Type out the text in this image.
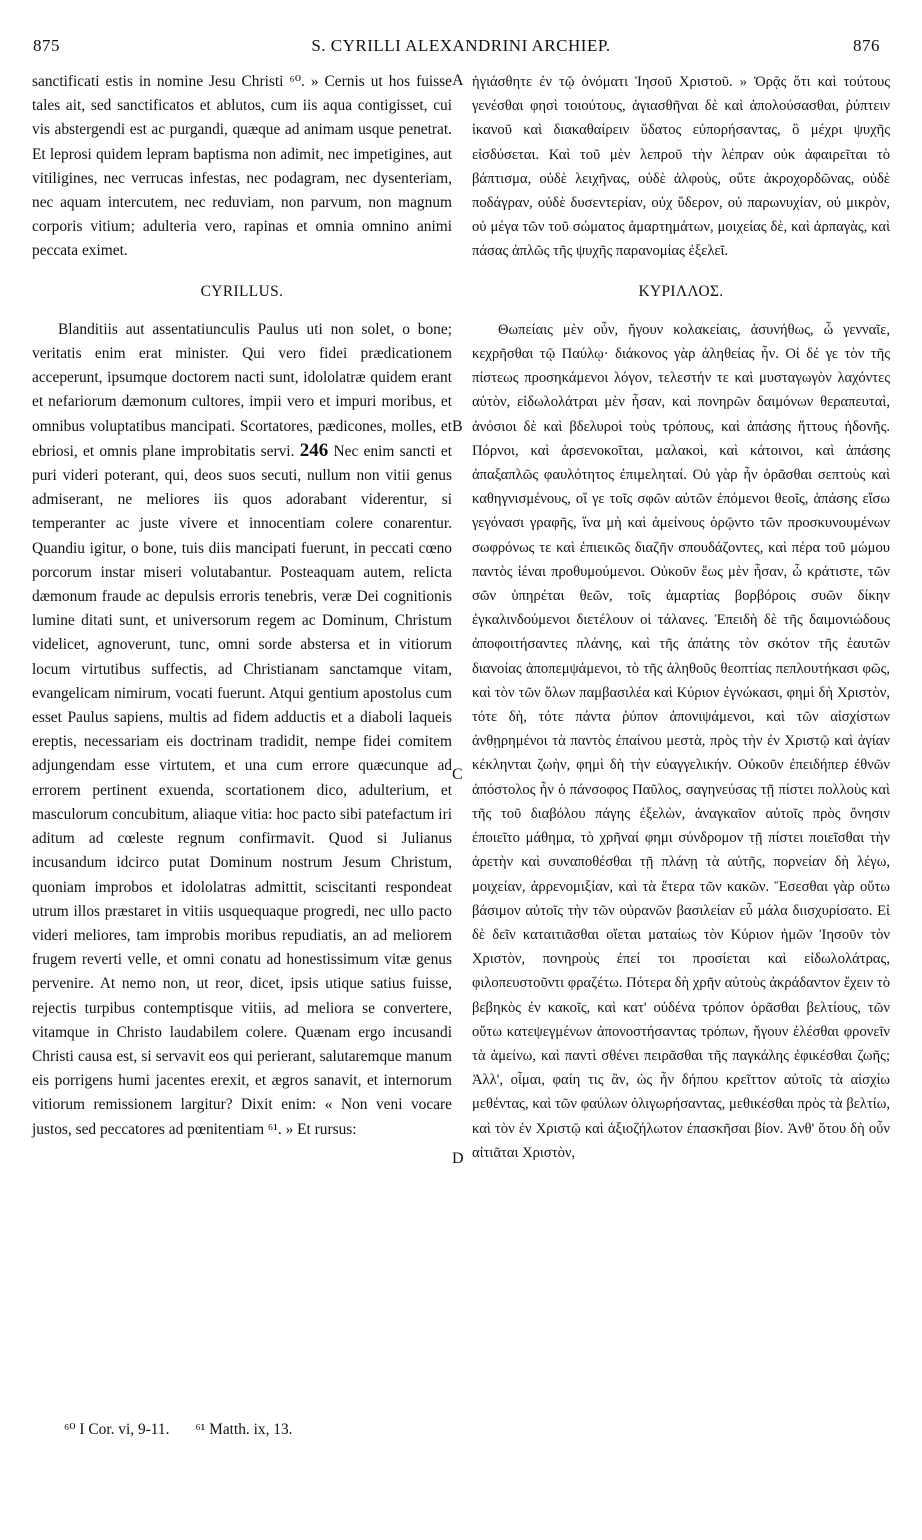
875	S. CYRILLI ALEXANDRINI ARCHIEP.	876

sanctificati estis in nomine Jesu Christi ⁶⁰. » Cernis ut hos fuisse tales ait, sed sanctificatos et ablutos, cum iis aqua contigisset, cui vis abstergendi est ac purgandi, quæque ad animam usque penetrat. Et leprosi quidem lepram baptisma non adimit, nec impetigines, aut vitiligines, nec verrucas infestas, nec podagram, nec dysenteriam, nec aquam intercutem, nec reduviam, non parvum, non magnum corporis vitium; adulteria vero, rapinas et omnia omnino animi peccata eximet.

CYRILLUS.

Blanditiis aut assentatiunculis Paulus uti non solet, o bone; veritatis enim erat minister. Qui vero fidei prædicationem acceperunt, ipsumque doctorem nacti sunt, idololatræ quidem erant et nefariorum dæmonum cultores, impii vero et impuri moribus, et omnibus voluptatibus mancipati. Scortatores, pædicones, molles, et ebriosi, et omnis plane improbitatis servi. 246 Nec enim sancti et puri videri poterant, qui, deos suos secuti, nullum non vitii genus admiserant, ne meliores iis quos adorabant viderentur, si temperanter ac juste vivere et innocentiam colere conarentur. Quandiu igitur, o bone, tuis diis mancipati fuerunt, in peccati cœno porcorum instar miseri volutabantur. Posteaquam autem, relicta dæmonum fraude ac depulsis erroris tenebris, veræ Dei cognitionis lumine ditati sunt, et universorum regem ac Dominum, Christum videlicet, agnoverunt, tunc, omni sorde abstersa et in vitiorum locum virtutibus suffectis, ad Christianam sanctamque vitam, evangelicam nimirum, vocati fuerunt. Atqui gentium apostolus cum esset Paulus sapiens, multis ad fidem adductis et a diaboli laqueis ereptis, necessariam eis doctrinam tradidit, nempe fidei comitem adjungendam esse virtutem, et una cum errore quæcunque ad errorem pertinent exuenda, scortationem dico, adulterium, et masculorum concubitum, aliaque vitia: hoc pacto sibi patefactum iri aditum ad cœleste regnum confirmavit. Quod si Julianus incusandum idcirco putat Dominum nostrum Jesum Christum, quoniam improbos et idololatras admittit, sciscitanti respondeat utrum illos præstaret in vitiis usquequaque progredi, nec ullo pacto videri meliores, tam improbis moribus repudiatis, an ad meliorem frugem reverti velle, et omni conatu ad honestissimum vitæ genus pervenire. At nemo non, ut reor, dicet, ipsis utique satius fuisse, rejectis turpibus contemptisque vitiis, ad meliora se convertere, vitamque in Christo laudabilem colere. Quænam ergo incusandi Christi causa est, si servavit eos qui perierant, salutaremque manum eis porrigens humi jacentes erexit, et ægros sanavit, et internorum vitiorum remissionem largitur? Dixit enim: « Non veni vocare justos, sed peccatores ad pœnitentiam ⁶¹. » Et rursus:

A
B
C
D

ἡγιάσθητε ἐν τῷ ὀνόματι Ἰησοῦ Χριστοῦ. » Ὁρᾷς ὅτι καὶ τούτους γενέσθαι φησὶ τοιούτους, ἁγιασθῆναι δὲ καὶ ἀπολούσασθαι, ῥύπτειν ἱκανοῦ καὶ διακαθαίρειν ὕδατος εὐπορήσαντας, ὃ μέχρι ψυχῆς εἰσδύσεται. Καὶ τοῦ μὲν λεπροῦ τὴν λέπραν οὐκ ἀφαιρεῖται τὸ βάπτισμα, οὐδὲ λειχῆνας, οὐδὲ ἀλφοὺς, οὔτε ἀκροχορδῶνας, οὐδὲ ποδάγραν, οὐδὲ δυσεντερίαν, οὐχ ὕδερον, οὐ παρωνυχίαν, οὐ μικρὸν, οὐ μέγα τῶν τοῦ σώματος ἁμαρτημάτων, μοιχείας δὲ, καὶ ἁρπαγὰς, καὶ πάσας ἁπλῶς τῆς ψυχῆς παρανομίας ἐξελεῖ.

ΚΥΡΙΛΛΟΣ.

Θωπείαις μὲν οὖν, ἤγουν κολακείαις, ἀσυνήθως, ὦ γενναῖε, κεχρῆσθαι τῷ Παύλῳ· διάκονος γὰρ ἀληθείας ἦν. Οἱ δέ γε τὸν τῆς πίστεως προσηκάμενοι λόγον, τελεστήν τε καὶ μυσταγωγὸν λαχόντες αὐτὸν, εἰδωλολάτραι μὲν ἦσαν, καὶ πονηρῶν δαιμόνων θεραπευταὶ, ἀνόσιοι δὲ καὶ βδελυροὶ τοὺς τρόπους, καὶ ἁπάσης ἥττους ἡδονῆς. Πόρνοι, καὶ ἀρσενοκοῖται, μαλακοὶ, καὶ κάτοινοι, καὶ ἁπάσης ἀπαξαπλῶς φαυλότητος ἐπιμεληταί. Οὐ γὰρ ἦν ὁρᾶσθαι σεπτοὺς καὶ καθηγνισμένους, οἵ γε τοῖς σφῶν αὐτῶν ἑπόμενοι θεοῖς, ἁπάσης εἴσω γεγόνασι γραφῆς, ἵνα μὴ καὶ ἀμείνους ὁρῷντο τῶν προσκυνουμένων σωφρόνως τε καὶ ἐπιεικῶς διαζῆν σπουδάζοντες, καὶ πέρα τοῦ μώμου παντὸς ἰέναι προθυμούμενοι. Οὐκοῦν ἕως μὲν ἦσαν, ὦ κράτιστε, τῶν σῶν ὑπηρέται θεῶν, τοῖς ἁμαρτίας βορβόροις συῶν δίκην ἐγκαλινδούμενοι διετέλουν οἱ τάλανες. Ἐπειδὴ δὲ τῆς δαιμονιώδους ἀποφοιτήσαντες πλάνης, καὶ τῆς ἀπάτης τὸν σκότον τῆς ἑαυτῶν διανοίας ἀποπεμψάμενοι, τὸ τῆς ἀληθοῦς θεοπτίας πεπλουτήκασι φῶς, καὶ τὸν τῶν ὅλων παμβασιλέα καὶ Κύριον ἐγνώκασι, φημὶ δὴ Χριστὸν, τότε δὴ, τότε πάντα ῥύπον ἀπονιψάμενοι, καὶ τῶν αἰσχίστων ἀνθῃρημένοι τὰ παντὸς ἐπαίνου μεστὰ, πρὸς τὴν ἐν Χριστῷ καὶ ἁγίαν κέκληνται ζωὴν, φημὶ δὴ τὴν εὐαγγελικήν. Οὐκοῦν ἐπειδήπερ ἐθνῶν ἀπόστολος ἦν ὁ πάνσοφος Παῦλος, σαγηνεύσας τῇ πίστει πολλοὺς καὶ τῆς τοῦ διαβόλου πάγης ἐξελὼν, ἀναγκαῖον αὐτοῖς πρὸς ὄνησιν ἐποιεῖτο μάθημα, τὸ χρῆναί φημι σύνδρομον τῇ πίστει ποιεῖσθαι τὴν ἀρετὴν καὶ συναποθέσθαι τῇ πλάνῃ τὰ αὐτῆς, πορνείαν δὴ λέγω, μοιχείαν, ἀρρενομιξίαν, καὶ τὰ ἕτερα τῶν κακῶν. Ἔσεσθαι γὰρ οὕτω βάσιμον αὐτοῖς τὴν τῶν οὐρανῶν βασιλείαν εὖ μάλα διισχυρίσατο. Εἰ δὲ δεῖν καταιτιᾶσθαι οἴεται ματαίως τὸν Κύριον ἡμῶν Ἰησοῦν τὸν Χριστὸν, πονηροὺς ἐπεί τοι προσίεται καὶ εἰδωλολάτρας, φιλοπευστοῦντι φραζέτω. Πότερα δὴ χρῆν αὐτοὺς ἀκράδαντον ἔχειν τὸ βεβηκὸς ἐν κακοῖς, καὶ κατ' οὐδένα τρόπον ὁρᾶσθαι βελτίους, τῶν οὕτω κατεψεγμένων ἀπονοστήσαντας τρόπων, ἤγουν ἑλέσθαι φρονεῖν τὰ ἀμείνω, καὶ παντὶ σθένει πειρᾶσθαι τῆς παγκάλης ἐφικέσθαι ζωῆς; Ἀλλ', οἶμαι, φαίη τις ἂν, ὡς ἦν δήπου κρεῖττον αὐτοῖς τὰ αἰσχίω μεθέντας, καὶ τῶν φαύλων ὀλιγωρήσαντας, μεθικέσθαι πρὸς τὰ βελτίω, καὶ τὸν ἐν Χριστῷ καὶ ἀξιοζήλωτον ἐπασκῆσαι βίον. Ἀνθ' ὅτου δὴ οὖν αἰτιᾶται Χριστὸν,

⁶⁰ I Cor. vi, 9-11. ⁶¹ Matth. ix, 13.
